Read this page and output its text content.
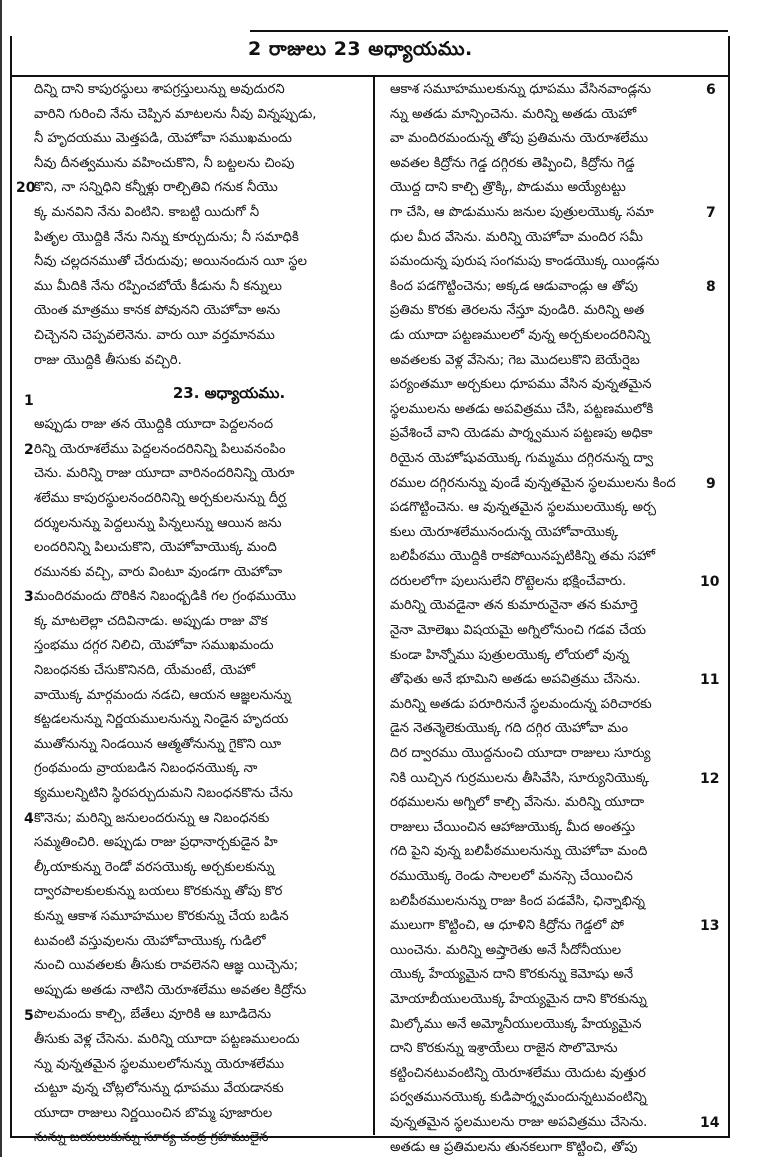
2 రాజులు 23 అధ్యాయము.
దిన్ని దాని కాపురస్థులు శాపగ్రస్తులున్ను అవుదురని
వారిని గురించి నేను చెప్పిన మాటలను నీవు విన్నప్పుడు,
నీ హృదయము మెత్తపడి, యెహోవా సముఖమందు
నీవు దీనత్వమును వహించుకొని, నీ బట్టలను చింపు
కొని, నా సన్నిధిని కన్నీళ్లు రాల్చితివి గనుక నీయొ
క్క మనవిని నేను వింటిని. కాబట్టి యిదుగో నీ
పితృల యొద్దికి నేను నిన్ను కూర్చుదును; నీ సమాధికి
నీవు చల్లదనముతో చేరుదువు; అయినందున యీ స్థల
ము మీదికి నేను రప్పించబోయే కీడును నీ కన్నులు
యెంత మాత్రము కానక పోవునని యెహోవా అను
చిచ్చెనని చెప్పవలెనెను. వారు యీ వర్తమానము
రాజు యొద్దికి తీసుకు వచ్చిరి.
23. అధ్యాయము.
అప్పుడు రాజు తన యొద్దికి యూదా పెద్దలనంద
రిన్ని యెరూశలేము పెద్దలనందరినిన్ని పిలువనంపిం
చెను. మరిన్ని రాజు యూదా వారినందరినిన్ని యెరూ
శలేము కాపురస్థులనందరినిన్ని అర్చకులనున్ను దీర్ఘ
దర్శులనున్ను పెద్దలున్ను పిన్నలున్ను ఆయిన జను
లందరినిన్ని పిలుచుకొని, యెహోవాయొక్క మంది
రమునకు వచ్చి, వారు వింటూ వుండగా యెహోవా
మందిరమందు దొరికిన నిబంధ్బడికి గల గ్రంథముయొ
క్క మాటలెల్లా చదివినాడు. అప్పుడు రాజు వొక
స్తంభము దగ్గర నిలిచి, యెహోవా సముఖమందు
నిబంధనకు చేసుకొనినది, యేమంటే, యెహో
వాయొక్క మార్గమందు నడచి, ఆయన ఆజ్ఞలనున్ను
కట్టడలనున్ను నిర్ణయములనున్ను నిండైన హృదయ
ముతోనున్ను నిండయిన ఆత్మతోనున్ను గైకొని యీ
గ్రంథమందు వ్రాయబడిన నిబంధనయొక్క నా
క్యములన్నిటిని స్థిరపర్చుదుమని నిబంధనకొను చేను
కొనెను; మరిన్ని జనులందరున్ను ఆ నిబంధనకు
సమ్మతించిరి. అప్పుడు రాజు ప్రధానార్చకుడైన హి
ల్కీయాకున్ను రెండో వరసయొక్క అర్చకులకున్ను
ద్వారపాలకులకున్ను బయలు కొరకున్ను తోపు కొర
కున్ను ఆకాశ సమూహముల కొరకున్ను చేయ బడిన
టువంటి వస్తువులను యెహోవాయొక్క గుడిలో
నుంచి యివతలకు తీసుకు రావలెనని ఆజ్ఞ యిచ్చెను;
అప్పుడు అతడు నాటిని యెరూశలేము అవతల కిద్రోను
పొలమందు కాల్చి, బేతేలు వూరికి ఆ బూడిదెను
తీసుకు వెళ్ల చేసెను. మరిన్ని యూదా పట్టణములందు
న్ను వున్నతమైన స్థలములలోనున్ను యెరూశలేము
చుట్టూ వున్న చోట్లలోనున్ను ధూపము వేయడానకు
యూదా రాజులు నిర్ణయించిన బొమ్మ పూజారుల
నున్ను బయలుకున్ను సూర్య చంద్ర గ్రహములైన
ఆకాశ సమూహములకున్ను ధూపము వేసినవాండ్లను
న్ను అతడు మాన్పించెను. మరిన్ని అతడు యెహో
వా మందిరమందున్న తోపు ప్రతిమను యెరూశలేము
అవతల కిద్రోను గెడ్డ దగ్గిరకు తెప్పించి, కిద్రోను గెడ్డ
యొద్ద దాని కాల్చి త్రొక్కి, పొడుము అయ్యేటట్టు
గా చేసి, ఆ పొడుమును జనుల పుత్రులయొక్క సమా
ధుల మీద వేసెను. మరిన్ని యెహోవా మందిర సమీ
పమందున్న పురుష సంగమపు కాండయొక్క యిండ్లను
కింద పడగొట్టించెను; అక్కడ ఆడువాండ్లు ఆ తోపు
ప్రతిమ కొరకు తెరలను నేస్తూ వుండిరి. మరిన్ని అత
డు యూదా పట్టణములలో వున్న అర్చకులందరినిన్ని
అవతలకు వెళ్ల వేసెను; గెబ మొదలుకొని బెయేర్షెబ
పర్యంతమూ అర్చకులు ధూపము వేసిన వున్నతమైన
స్థలములను అతడు అపవిత్రము చేసి, పట్టణములోకి
ప్రవేశించే వాని యెడమ పార్శ్వమున పట్టణపు అధికా
రియైన యెహోషువయొక్క గుమ్మము దగ్గిరనున్న ద్వా
రముల దగ్గిరనున్ను వుండే వున్నతమైన స్థలములను కింద
పడగొట్టించెను. ఆ వున్నతమైన స్థలములయొక్క అర్చ
కులు యెరూశలేమునందున్న యెహోవాయొక్క
బలిపీఠము యొద్దికి రాకపోయినప్పటికిన్ని తమ సహో
దరులలోగా పులుసులేని రొట్టెలను భక్షించేవారు.
మరిన్ని యెవడైనా తన కుమారునైనా తన కుమార్తె
నైనా మోలెఖు విషయమై అగ్నిలోనుంచి గడవ చేయ
కుండా హిన్నోము పుత్రులయొక్క లోయలో వున్న
తోఫెతు అనే భూమిని అతడు అపవిత్రము చేసెను.
మరిన్ని అతడు పరూరినునే స్థలమందున్న పరిచారకు
డైన నెతన్మెలెకుయొక్క గది దగ్గిర యెహోవా మం
దిర ద్వారము యొద్దనుంచి యూదా రాజులు సూర్యు
నికి యిచ్చిన గుర్రములను తీసివేసి, సూర్యునియొక్క
రథములను అగ్నిలో కాల్చి వేసెను. మరిన్ని యూదా
రాజులు చేయించిన ఆహాజుయొక్క మీద అంతస్తు
గది పైని వున్న బలిపీఠములనున్ను యెహోవా మంది
రముయొక్క రెండు సాలలలో మనస్సె చేయించిన
బలిపీఠములనున్ను రాజు కింద పడవేసి, ఛిన్నాభిన్న
ములుగా కొట్టించి, ఆ ధూళిని కిద్రోను గెడ్డలో పో
యించెను. మరిన్ని అష్తారెతు అనే సీదోనీయుల
యొక్క హేయ్యమైన దాని కొరకున్ను కెమోషు అనే
మోయాబీయులయొక్క హేయ్యమైన దాని కొరకున్ను
మిల్కోము అనే అమ్మోనీయులయొక్క హేయ్యమైన
దాని కొరకున్ను ఇశ్రాయేలు రాజైన సొలొమోను
కట్టించినటువంటిన్ని యెరూశలేము యెదుట వుత్తుర
పర్వతమునయొక్క కుడిపార్శ్వమందున్నటువంటిన్ని
వున్నతమైన స్థలములను రాజు అపవిత్రము చేసెను.
అతడు ఆ ప్రతిమలను తునకలుగా కొట్టించి, తోపు
20
1
2
3
4
5
6
7
8
9
10
11
12
13
14
